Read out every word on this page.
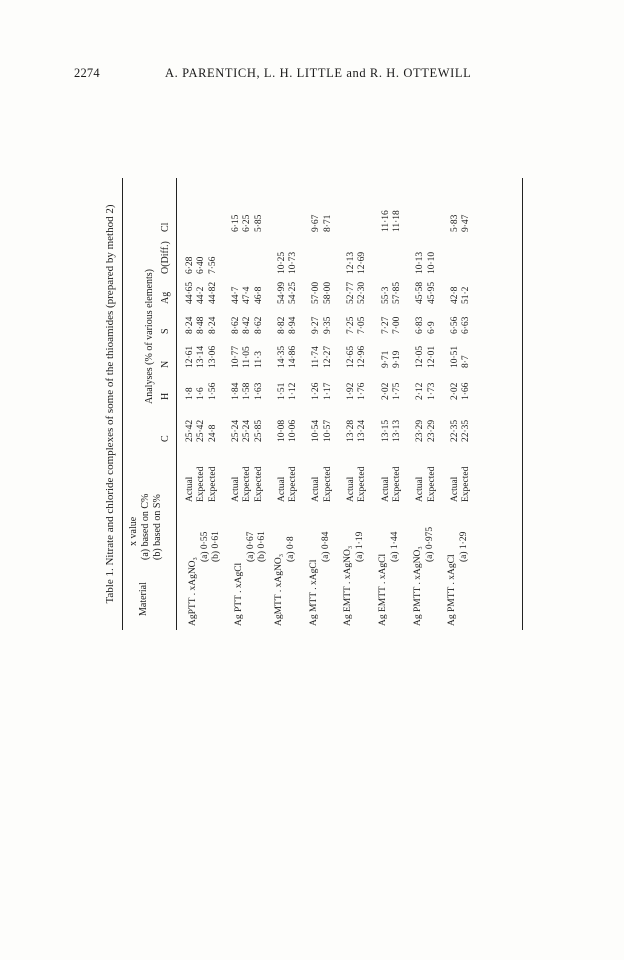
2274	A. PARENTICH, L. H. LITTLE and R. H. OTTEWILL
Table 1. Nitrate and chloride complexes of some of the thioamides (prepared by method 2) Material
x value (a) based on C% (b) based on S%
Analyses (% of various elements)
C
H
N
S
Ag
O(Diff.)
Cl
AgPTT . xAgNO₃
(a) 0·55 (b) 0·61
Actual
25·42
1·8
12·61
8·24
44·65
6·28
Expected
25·42
1·6
13·14
8·48
44·2
6·40
Expected
24·8
1·56
13·06
8·24
44·82
7·56
Ag PTT . xAgCl
(a) 0·67 (b) 0·61
Actual
25·24
1·84
10·77
8·62
44·7
6·15
Expected
25·24
1·58
11·05
8·42
47·4
6·25
Expected
25·85
1·63
11·3
8·62
46·8
5·85
AgMTT . xAgNO₃
(a) 0·8
Actual
10·08
1·51
14·35
8·82
54·99
10·25
Expected
10·06
1·12
14·86
8·94
54·25
10·73
Ag MTT . xAgCl
(a) 0·84
Actual
10·54
1·26
11·74
9·27
57·00
9·67
Expected
10·57
1·17
12·27
9·35
58·00
8·71
Ag EMTT . xAgNO₃ (a) 1·19
Actual
13·28
1·92
12·65
7·25
52·77
12·13
Expected
13·24
1·76
12·96
7·05
52·30
12·69
Ag EMTT . xAgCl
(a) 1·44
Actual
13·15
2·02
9·71
7·27
55·3
11·16
Expected
13·13
1·75
9·19
7·00
57·85
11·18
Ag PMTT . xAgNO₃
(a) 0·975
Actual
23·29
2·12
12·05
6·83
45·58
10·13
Expected
23·29
1·73
12·01
6·9
45·95
10·10
Ag PMTT . xAgCl
(a) 1·29
Actual
22·35
2·02
10·51
6·56
42·8
5·83
Expected
22·35
1·66
8·7
6·63
51·2
9·47
